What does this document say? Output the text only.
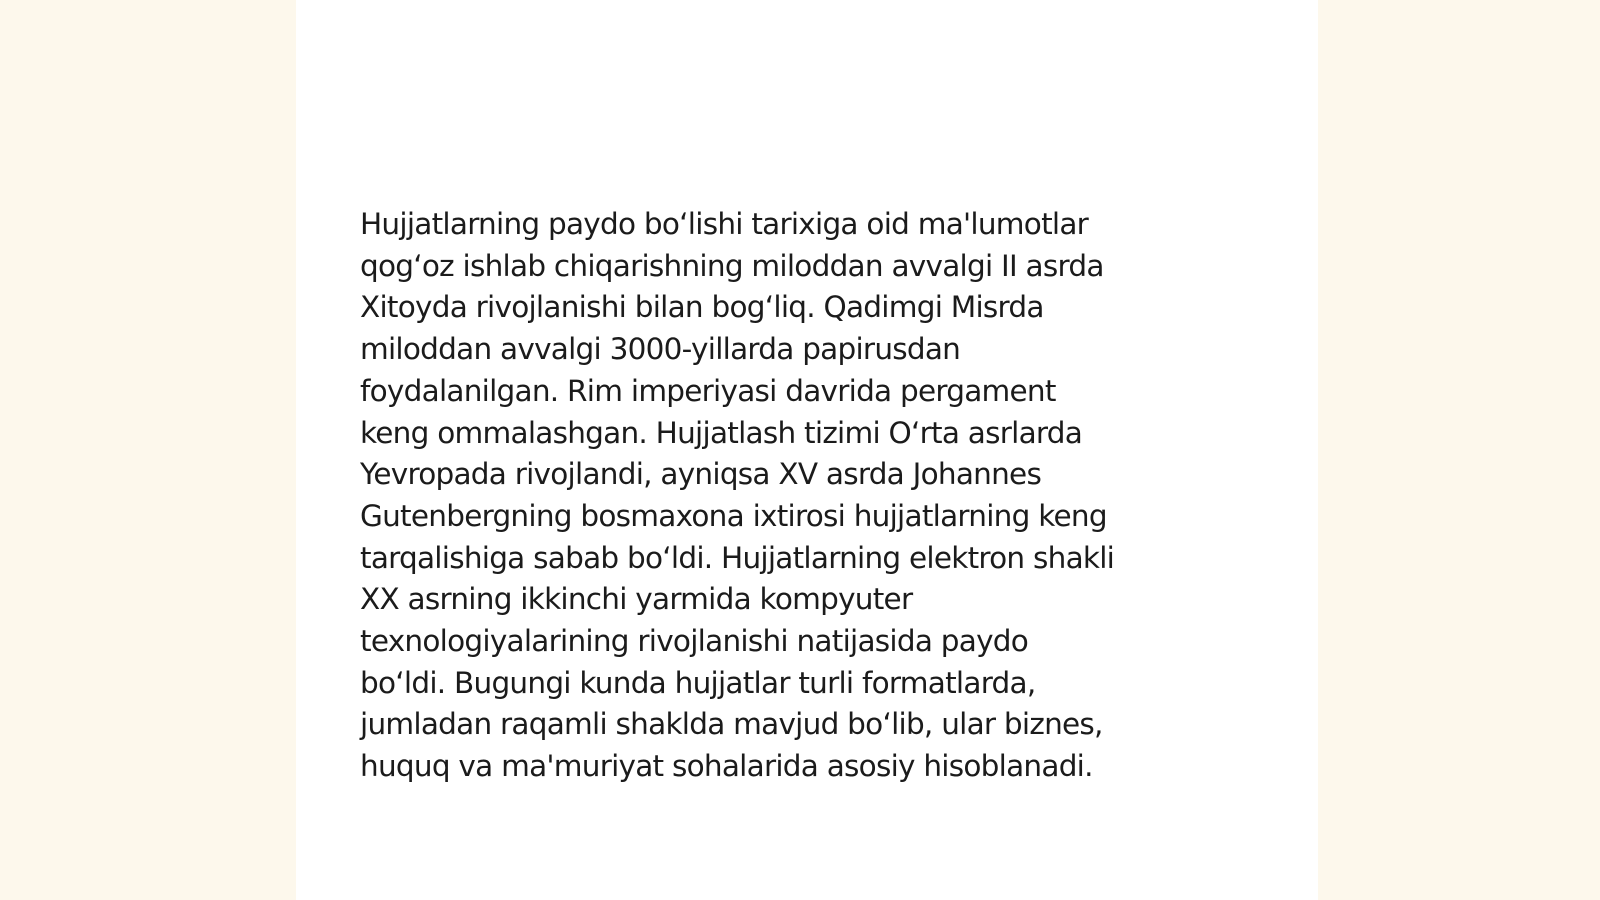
Hujjatlarning paydo bo‘lishi tarixiga oid ma'lumotlar
qog‘oz ishlab chiqarishning miloddan avvalgi II asrda
Xitoyda rivojlanishi bilan bog‘liq. Qadimgi Misrda
miloddan avvalgi 3000-yillarda papirusdan
foydalanilgan. Rim imperiyasi davrida pergament
keng ommalashgan. Hujjatlash tizimi O‘rta asrlarda
Yevropada rivojlandi, ayniqsa XV asrda Johannes
Gutenbergning bosmaxona ixtirosi hujjatlarning keng
tarqalishiga sabab bo‘ldi. Hujjatlarning elektron shakli
XX asrning ikkinchi yarmida kompyuter
texnologiyalarining rivojlanishi natijasida paydo
bo‘ldi. Bugungi kunda hujjatlar turli formatlarda,
jumladan raqamli shaklda mavjud bo‘lib, ular biznes,
huquq va ma'muriyat sohalarida asosiy hisoblanadi.
